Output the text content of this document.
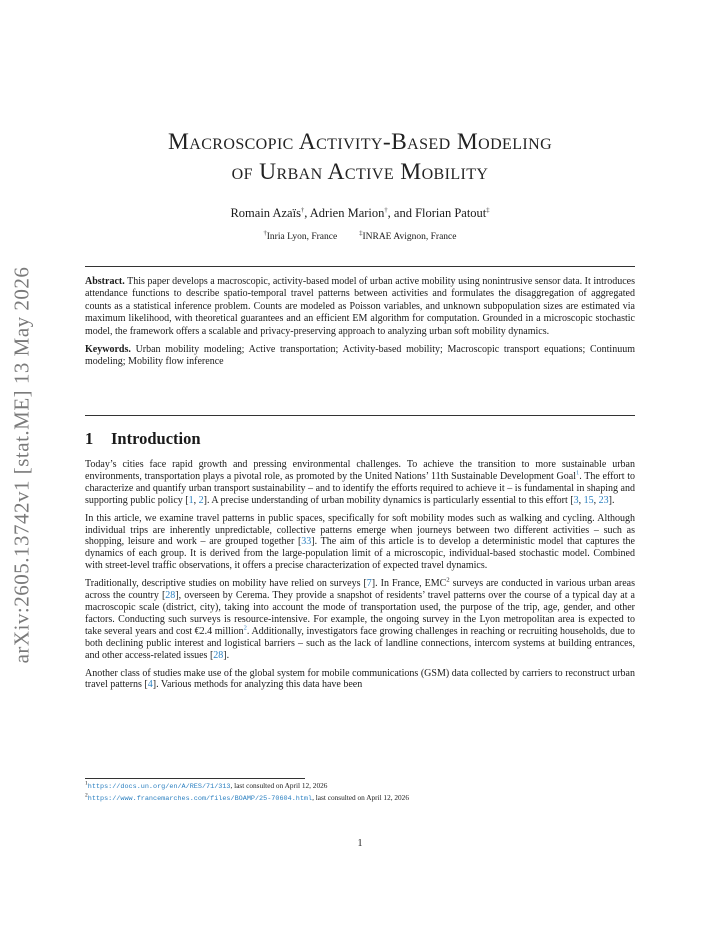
arXiv:2605.13742v1 [stat.ME] 13 May 2026
Macroscopic Activity-Based Modeling
of Urban Active Mobility
Romain Azaïs†, Adrien Marion†, and Florian Patout‡
†Inria Lyon, France	‡INRAE Avignon, France

Abstract. This paper develops a macroscopic, activity-based model of urban active mobility using nonintrusive sensor data. It introduces attendance functions to describe spatio-temporal travel patterns between activities and formulates the disaggregation of aggregated counts as a statistical inference problem. Counts are modeled as Poisson variables, and unknown subpopulation sizes are estimated via maximum likelihood, with theoretical guarantees and an efficient EM algorithm for computation. Grounded in a microscopic stochastic model, the framework offers a scalable and privacy-preserving approach to analyzing urban soft mobility dynamics.

Keywords. Urban mobility modeling; Active transportation; Activity-based mobility; Macroscopic transport equations; Continuum modeling; Mobility flow inference

1 Introduction

Today’s cities face rapid growth and pressing environmental challenges. To achieve the transition to more sustainable urban environments, transportation plays a pivotal role, as promoted by the United Nations’ 11th Sustainable Development Goal$^1$. The effort to characterize and quantify urban transport sustainability – and to identify the efforts required to achieve it – is fundamental in shaping and supporting public policy [1, 2]. A precise understanding of urban mobility dynamics is particularly essential to this effort [3, 15, 23].

In this article, we examine travel patterns in public spaces, specifically for soft mobility modes such as walking and cycling. Although individual trips are inherently unpredictable, collective patterns emerge when journeys between two different activities – such as shopping, leisure and work – are grouped together [33]. The aim of this article is to develop a deterministic model that captures the dynamics of each group. It is derived from the large-population limit of a microscopic, individual-based stochastic model. Combined with street-level traffic observations, it offers a precise characterization of expected travel dynamics.

Traditionally, descriptive studies on mobility have relied on surveys [7]. In France, EMC$^2$ surveys are conducted in various urban areas across the country [28], overseen by Cerema. They provide a snapshot of residents’ travel patterns over the course of a typical day at a macroscopic scale (district, city), taking into account the mode of transportation used, the purpose of the trip, age, gender, and other factors. Conducting such surveys is resource-intensive. For example, the ongoing survey in the Lyon metropolitan area is expected to take several years and cost €2.4 million$^2$. Additionally, investigators face growing challenges in reaching or recruiting households, due to both declining public interest and logistical barriers – such as the lack of landline connections, intercom systems at building entrances, and other access-related issues [28].

Another class of studies make use of the global system for mobile communications (GSM) data collected by carriers to reconstruct urban travel patterns [4]. Various methods for analyzing this data have been

$^1$https://docs.un.org/en/A/RES/71/313, last consulted on April 12, 2026
$^2$https://www.francemarches.com/files/BOAMP/25-70604.html, last consulted on April 12, 2026
1
